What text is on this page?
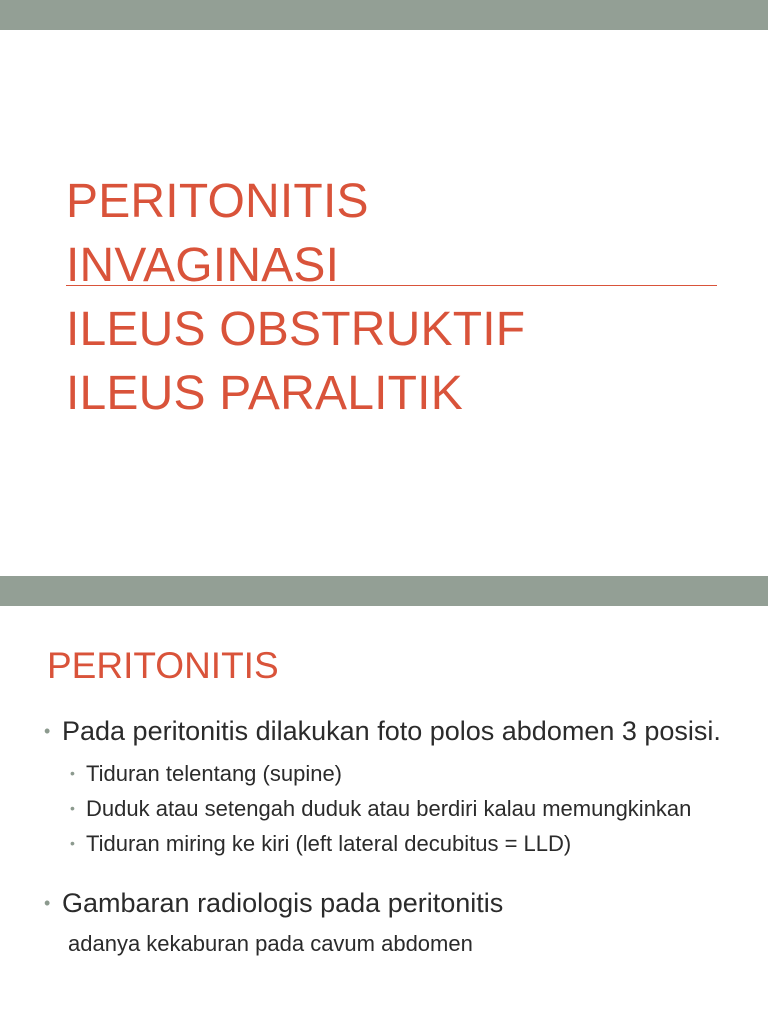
PERITONITIS
INVAGINASI
ILEUS OBSTRUKTIF
ILEUS PARALITIK
PERITONITIS
• Pada peritonitis dilakukan foto polos abdomen 3 posisi.
• Tiduran telentang (supine)
• Duduk atau setengah duduk atau berdiri kalau memungkinkan
• Tiduran miring ke kiri (left lateral decubitus = LLD)
• Gambaran radiologis pada peritonitis
adanya kekaburan pada cavum abdomen
